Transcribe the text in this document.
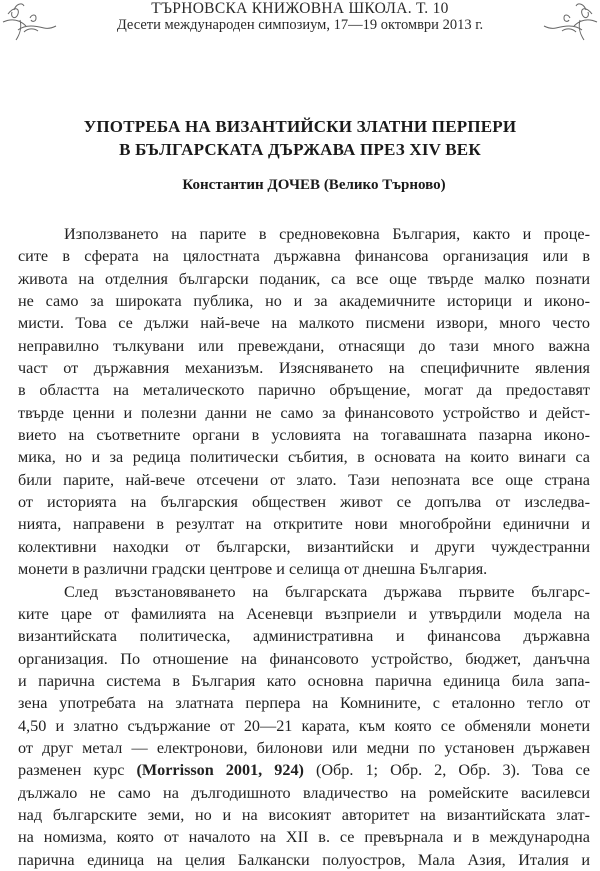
ТЪРНОВСКА КНИЖОВНА ШКОЛА. Т. 10
Десети международен симпозиум, 17—19 октомври 2013 г.
УПОТРЕБА НА ВИЗАНТИЙСКИ ЗЛАТНИ ПЕРПЕРИ
В БЪЛГАРСКАТА ДЪРЖАВА ПРЕЗ XIV ВЕК
Константин ДОЧЕВ (Велико Търново)
Използването на парите в средновековна България, както и проце-
сите в сферата на цялостната държавна финансова организация или в
живота на отделния български поданик, са все още твърде малко познати
не само за широката публика, но и за академичните историци и иконо-
мисти. Това се дължи най-вече на малкото писмени извори, много често
неправилно тълкувани или превеждани, отнасящи до тази много важна
част от държавния механизъм. Изясняването на специфичните явления
в областта на металическото парично обръщение, могат да предоставят
твърде ценни и полезни данни не само за финансовото устройство и дейст-
вието на съответните органи в условията на тогавашната пазарна иконо-
мика, но и за редица политически събития, в основата на които винаги са
били парите, най-вече отсечени от злато. Тази непозната все още страна
от историята на българския обществен живот се допълва от изследва-
нията, направени в резултат на откритите нови многобройни единични и
колективни находки от български, византийски и други чуждестранни
монети в различни градски центрове и селища от днешна България.
След възстановяването на българската държава първите българс-
ките царе от фамилията на Асеневци възприели и утвърдили модела на
византийската политическа, административна и финансова държавна
организация. По отношение на финансовото устройство, бюджет, данъчна
и парична система в България като основна парична единица била запа-
зена употребата на златната перпера на Комнините, с еталонно тегло от
4,50 и златно съдържание от 20—21 карата, към която се обменяли монети
от друг метал — електронови, билонови или медни по установен държавен
разменен курс (Morrisson 2001, 924) (Обр. 1; Обр. 2, Обр. 3). Това се
дължало не само на дългодишното владичество на ромейските василевси
над българските земи, но и на високият авторитет на византийската злат-
на номизма, която от началото на XII в. се превърнала и в международна
парична единица на целия Балкански полуостров, Мала Азия, Италия и
